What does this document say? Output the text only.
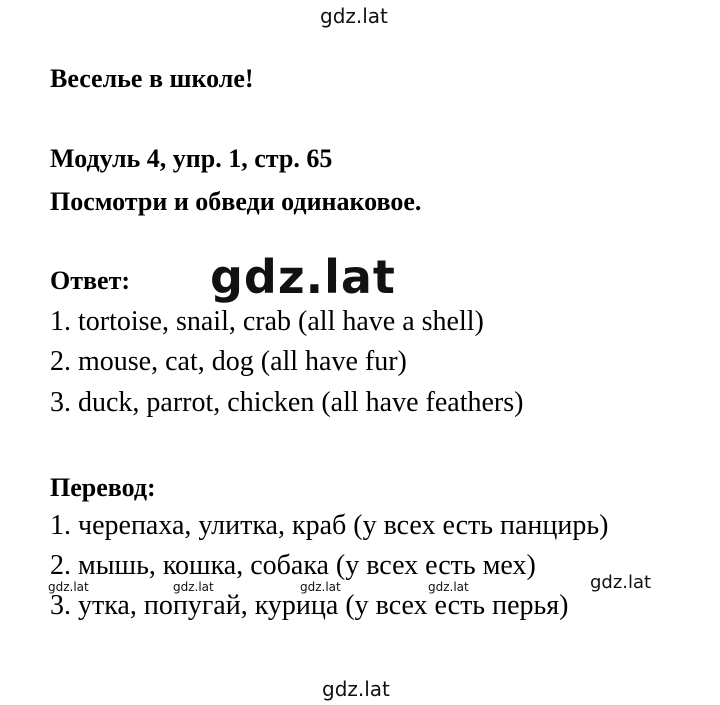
gdz.lat
Веселье в школе!
Модуль 4, упр. 1, стр. 65
Посмотри и обведи одинаковое.
Ответ: gdz.lat
1. tortoise, snail, crab (all have a shell)
2. mouse, cat, dog (all have fur)
3. duck, parrot, chicken (all have feathers)
Перевод:
1. черепаха, улитка, краб (у всех есть панцирь)
2. мышь, кошка, собака (у всех есть мех)
gdz.lat	gdz.lat	gdz.lat	gdz.lat	gdz.lat
3. утка, попугай, курица (у всех есть перья)
gdz.lat
